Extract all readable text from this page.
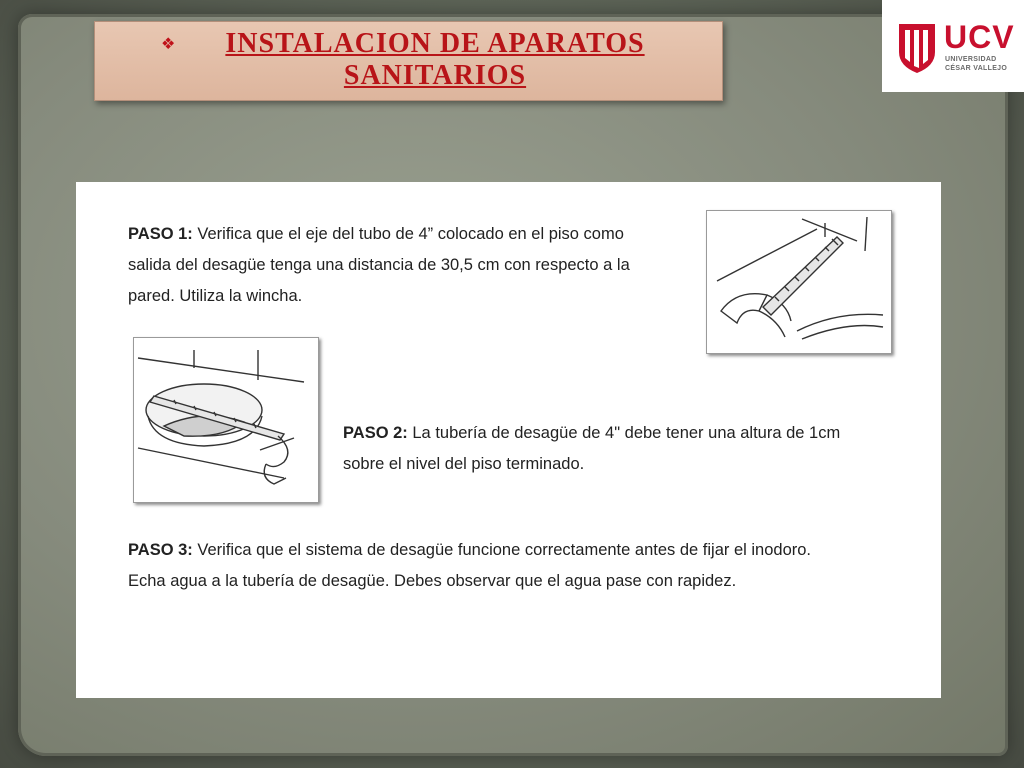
❖	INSTALACION DE APARATOS
SANITARIOS
UCV
UNIVERSIDAD
CÉSAR VALLEJO
PASO 1: Verifica que el eje del tubo de 4” colocado en el piso como
salida del desagüe tenga una distancia de 30,5 cm con respecto a la
pared. Utiliza la wincha.
PASO 2: La tubería de desagüe de 4" debe tener una altura de 1cm
sobre el nivel del piso terminado.
PASO 3: Verifica que el sistema de desagüe funcione correctamente antes de fijar el inodoro.
Echa agua a la tubería de desagüe. Debes observar que el agua pase con rapidez.
